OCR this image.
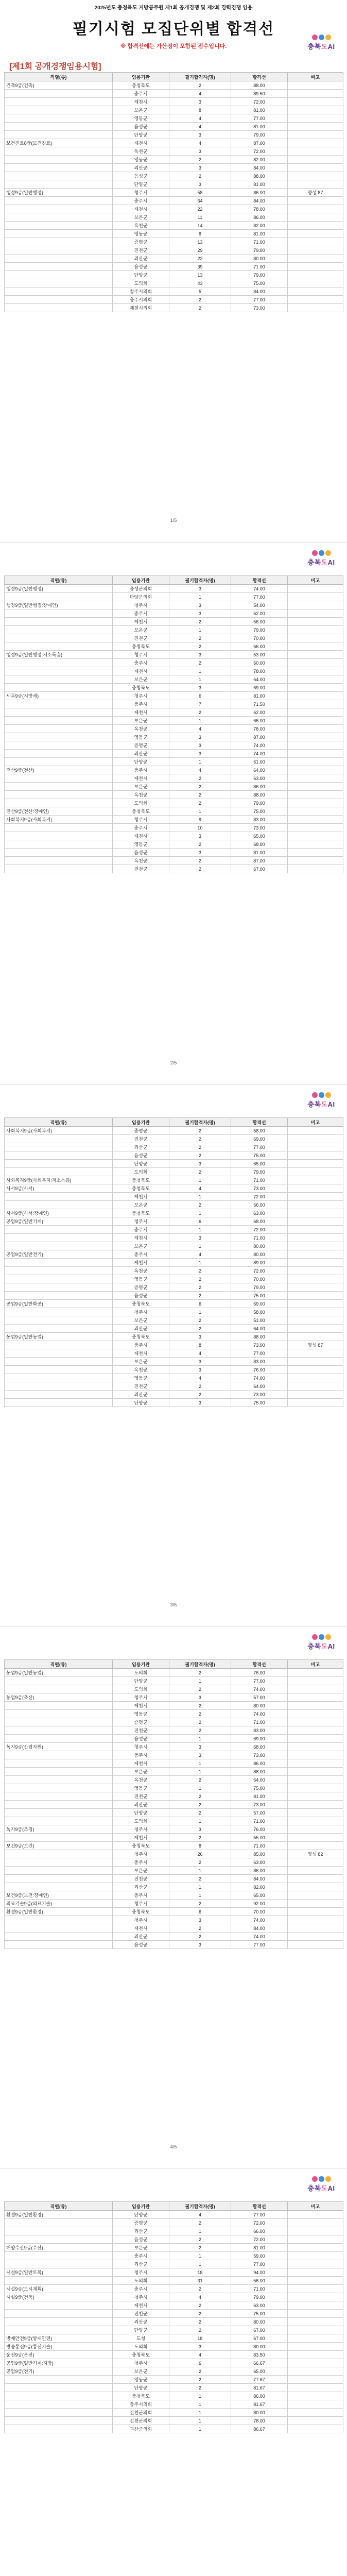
2025년도 충청북도 지방공무원 제1회 공개경쟁 및 제2회 경력경쟁 임용
필기시험 모집단위별 합격선
※ 합격선에는 가산점이 포함된 점수입니다.	충북도AI
[제1회 공개경쟁임용시험]
직렬(류)	임용기관	필기합격자(명)	합격선	비고
건축9급(건축)	충청북도	2	88.00	
	충주시	4	89.50	
	제천시	3	72.00	
	보은군	8	81.00	
	영동군	4	77.00	
	음성군	4	81.00	
	단양군	3	79.00	
보건진료8급(보건진료)	제천시	4	87.00	
	옥천군	3	72.00	
	영동군	2	82.00	
	괴산군	3	84.00	
	음성군	2	88.00	
	단양군	3	81.00	
행정9급(일반행정)	청주시	58	86.00	양성 87
	충주시	64	84.00	
	제천시	22	78.00	
	보은군	11	86.00	
	옥천군	14	82.00	
	영동군	8	81.00	
	증평군	13	71.00	
	진천군	29	79.00	
	괴산군	22	80.00	
	음성군	39	71.00	
	단양군	13	79.00	
	도의회	43	75.00	
	청주시의회	5	84.00	
	충주시의회	2	77.00	
	제천시의회	2	73.00	
1/5
충북도AI
직렬(류)	임용기관	필기합격자(명)	합격선	비고
행정9급(일반행정)	음성군의회	3	74.00	
	단양군의회	1	77.00	
행정9급(일반행정:장애인)	청주시	3	54.00	
	충주시	3	62.00	
	제천시	2	56.00	
	보은군	1	79.00	
	진천군	2	70.00	
	충청북도	2	66.00	
행정9급(일반행정:저소득층)	청주시	3	53.00	
	충주시	2	60.00	
	제천시	1	78.00	
	보은군	1	64.00	
	충청북도	3	69.00	
세무9급(지방세)	청주시	6	81.00	
	충주시	7	71.50	
	제천시	2	62.00	
	보은군	1	66.00	
	옥천군	4	78.00	
	영동군	3	87.00	
	증평군	3	74.00	
	괴산군	3	74.00	
	단양군	1	61.00	
전산9급(전산)	충주시	4	64.00	
	제천시	2	63.00	
	보은군	2	86.00	
	옥천군	2	88.00	
	도의회	2	79.00	
전산9급(전산:장애인)	충청북도	1	75.00	
사회복지9급(사회복지)	청주시	9	83.00	
	충주시	10	73.00	
	제천시	3	65.00	
	영동군	2	68.00	
	음성군	3	81.00	
	옥천군	2	87.00	
	진천군	2	67.00	
2/5
충북도AI
직렬(류)	임용기관	필기합격자(명)	합격선	비고
사회복지9급(사회복지)	증평군	2	58.00	
	진천군	2	69.00	
	괴산군	2	77.00	
	음성군	2	75.00	
	단양군	3	65.00	
	도의회	2	79.00	
사회복지9급(사회복지:저소득층)	충청북도	1	71.00	
사서9급(사서)	충청북도	4	73.00	
	제천시	1	72.00	
	보은군	2	66.00	
사서9급(사서:장애인)	충청북도	1	63.00	
공업9급(일반기계)	청주시	6	68.00	
	충주시	1	72.00	
	제천시	3	71.00	
	보은군	1	80.00	
공업9급(일반전기)	충주시	4	80.00	
	제천시	1	89.00	
	옥천군	2	72.00	
	영동군	2	70.00	
	증평군	2	79.00	
	음성군	2	75.00	
공업9급(일반화공)	충청북도	6	69.00	
	청주시	1	58.00	
	보은군	2	51.00	
	괴산군	2	64.00	
농업9급(일반농업)	충청북도	3	88.00	
	충주시	8	73.00	양성 87
	제천시	4	77.00	
	보은군	3	83.00	
	옥천군	3	76.00	
	영동군	4	74.00	
	진천군	2	64.00	
	괴산군	2	73.00	
	단양군	3	75.00	
3/5
충북도AI
직렬(류)	임용기관	필기합격자(명)	합격선	비고
농업9급(일반농업)	도의회	2	76.00	
	단양군	1	77.00	
	도의회	2	74.00	
농업9급(축산)	청주시	3	57.00	
	제천시	2	80.00	
	영동군	2	74.00	
	증평군	2	71.00	
	진천군	2	83.00	
	음성군	1	69.00	
녹지9급(산림자원)	청주시	3	68.00	
	충주시	3	73.00	
	제천시	1	86.00	
	보은군	1	88.00	
	옥천군	2	64.00	
	영동군	1	75.00	
	진천군	2	81.00	
	괴산군	2	73.00	
	단양군	2	57.00	
	도의회	1	71.00	
녹지9급(조경)	청주시	3	76.00	
	제천시	2	55.00	
보건9급(보건)	충청북도	8	71.00	
	청주시	26	85.00	양성 82
	충주시	2	63.00	
	보은군	1	86.00	
	진천군	2	84.00	
	괴산군	1	82.00	
보건9급(보건:장애인)	충주시	1	65.00	
의료기술9급(의료기술)	청주시	2	92.00	
환경9급(일반환경)	충청북도	6	70.00	
	청주시	3	74.00	
	제천시	2	84.00	
	괴산군	2	74.00	
	음성군	3	77.00	
4/5
충북도AI
직렬(류)	임용기관	필기합격자(명)	합격선	비고
환경9급(일반환경)	단양군	4	77.00	
	증평군	2	72.00	
	괴산군	1	66.00	
	음성군	2	72.00	
해양수산9급(수산)	보은군	2	81.00	
	충주시	1	59.00	
	괴산군	1	77.00	
시설9급(일반토목)	청주시	18	94.00	
	도의회	31	56.00	
시설9급(도시계획)	충주시	2	71.00	
시설9급(건축)	청주시	4	79.00	
	제천시	2	63.00	
	진천군	2	75.00	
	괴산군	2	80.00	
	단양군	2	67.00	
방재안전9급(방재안전)	도청	18	67.00	
방송통신9급(통신기술)	도의회	3	80.00	
운전9급(운전)	충청북도	4	83.50	
공업9급(일반기계:지방)	청주시	6	66.67	
공업9급(전기)	보은군	2	65.00	
	영동군	2	77.67	
	단양군	2	81.67	
	충청북도	1	86.00	
	충주시의회	1	81.67	
	진천군의회	1	80.00	
	진천군의회	1	78.00	
	괴산군의회	1	86.67	
